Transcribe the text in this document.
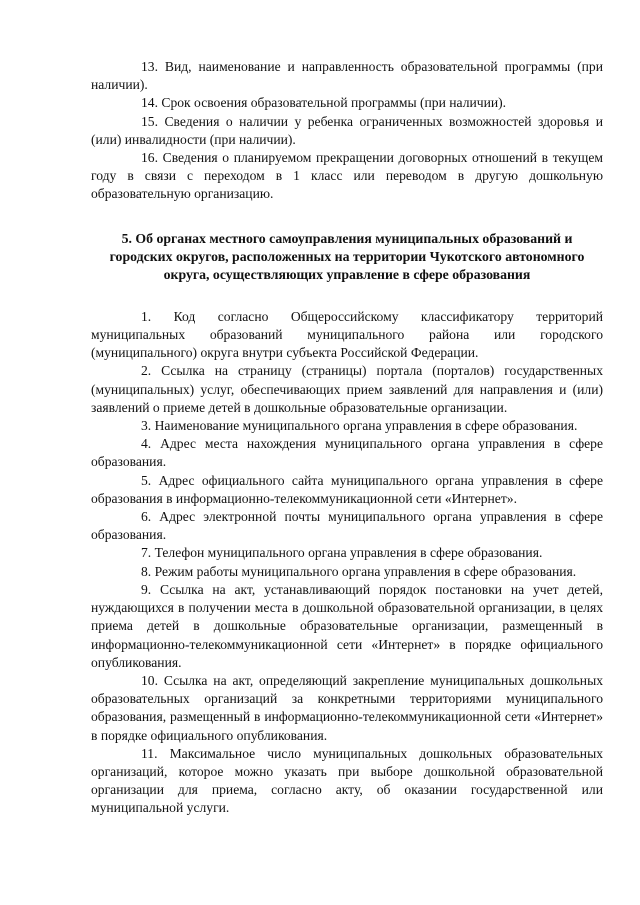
13. Вид, наименование и направленность образовательной программы (при наличии).

14. Срок освоения образовательной программы (при наличии).

15. Сведения о наличии у ребенка ограниченных возможностей здоровья и (или) инвалидности (при наличии).

16. Сведения о планируемом прекращении договорных отношений в текущем году в связи с переходом в 1 класс или переводом в другую дошкольную образовательную организацию.

5. Об органах местного самоуправления муниципальных образований и городских округов, расположенных на территории Чукотского автономного округа, осуществляющих управление в сфере образования

1. Код согласно Общероссийскому классификатору территорий муниципальных образований муниципального района или городского (муниципального) округа внутри субъекта Российской Федерации.

2. Ссылка на страницу (страницы) портала (порталов) государственных (муниципальных) услуг, обеспечивающих прием заявлений для направления и (или) заявлений о приеме детей в дошкольные образовательные организации.

3. Наименование муниципального органа управления в сфере образования.

4. Адрес места нахождения муниципального органа управления в сфере образования.

5. Адрес официального сайта муниципального органа управления в сфере образования в информационно-телекоммуникационной сети «Интернет».

6. Адрес электронной почты муниципального органа управления в сфере образования.

7. Телефон муниципального органа управления в сфере образования.

8. Режим работы муниципального органа управления в сфере образования.

9. Ссылка на акт, устанавливающий порядок постановки на учет детей, нуждающихся в получении места в дошкольной образовательной организации, в целях приема детей в дошкольные образовательные организации, размещенный в информационно-телекоммуникационной сети «Интернет» в порядке официального опубликования.

10. Ссылка на акт, определяющий закрепление муниципальных дошкольных образовательных организаций за конкретными территориями муниципального образования, размещенный в информационно-телекоммуникационной сети «Интернет» в порядке официального опубликования.

11. Максимальное число муниципальных дошкольных образовательных организаций, которое можно указать при выборе дошкольной образовательной организации для приема, согласно акту, об оказании государственной или муниципальной услуги.
